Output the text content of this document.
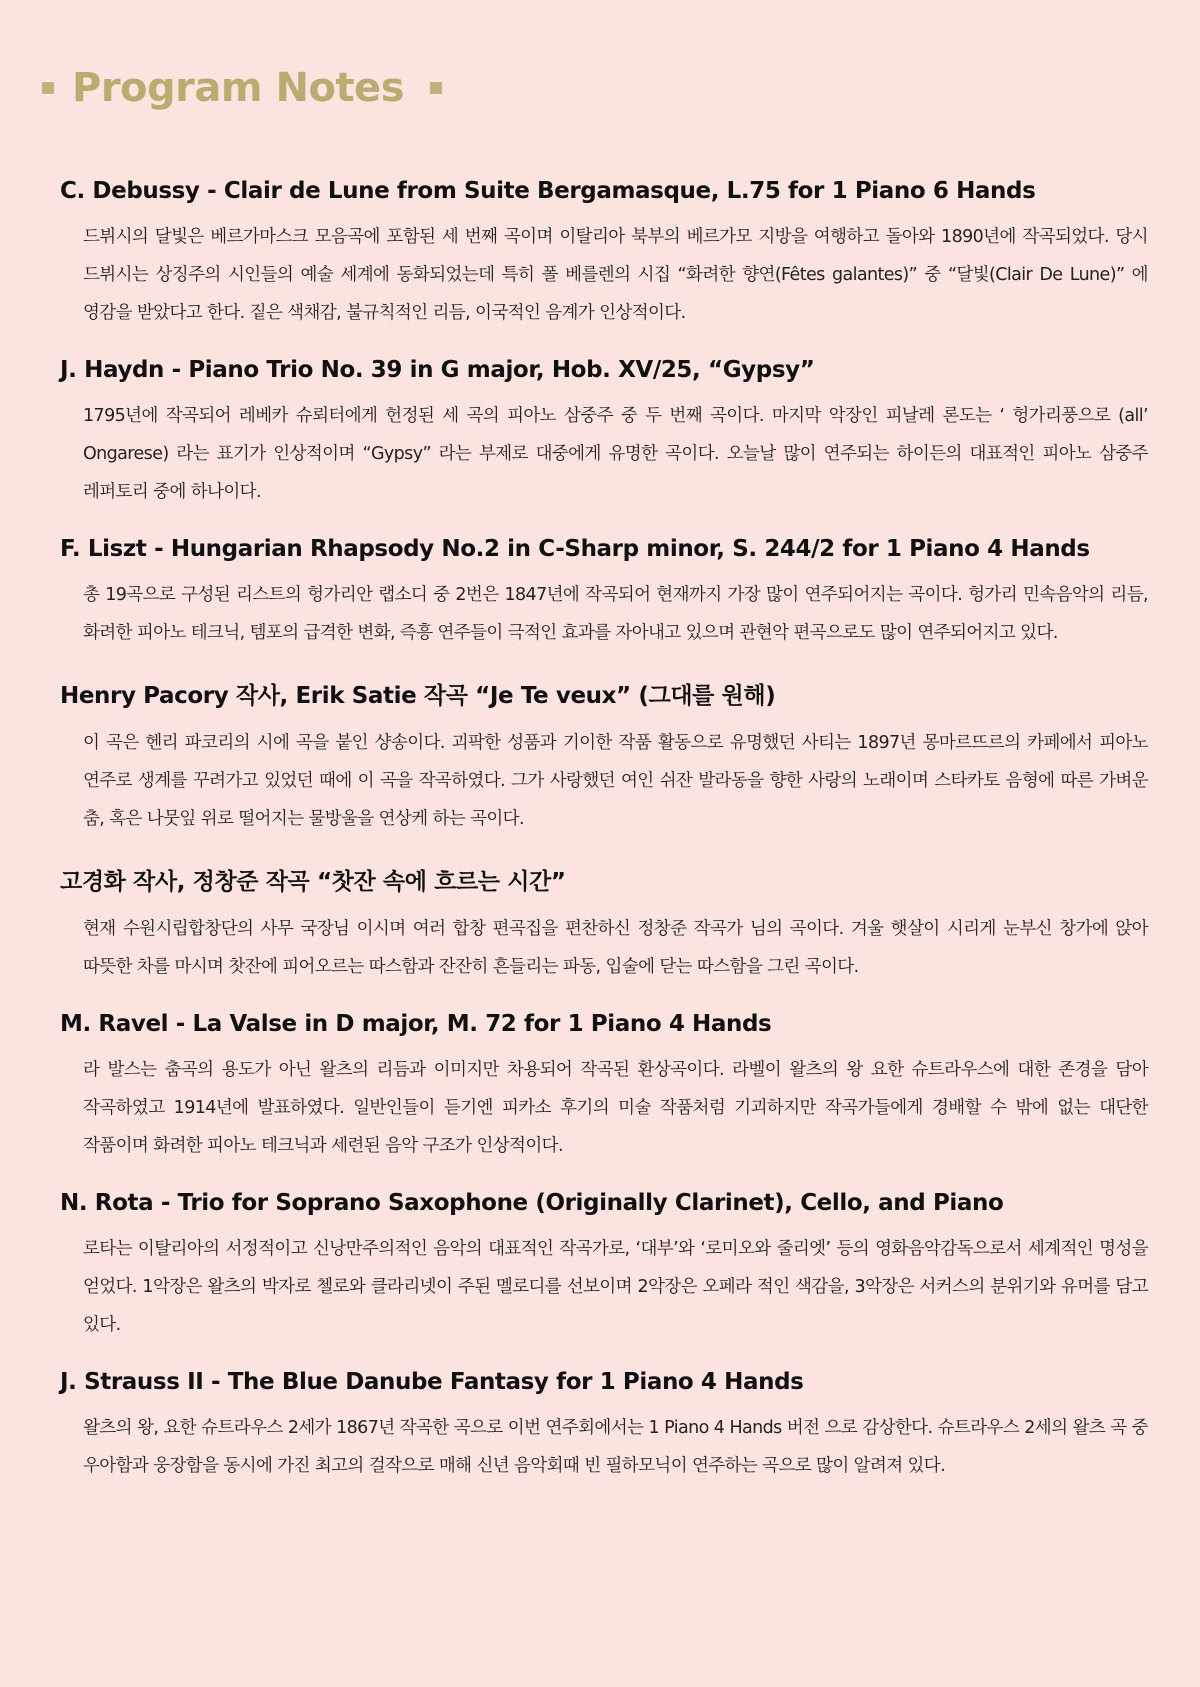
Program Notes
C. Debussy - Clair de Lune from Suite Bergamasque, L.75 for 1 Piano 6 Hands

드뷔시의 달빛은 베르가마스크 모음곡에 포함된 세 번째 곡이며 이탈리아 북부의 베르가모 지방을 여행하고 돌아와 1890년에 작곡되었다. 당시 드뷔시는 상징주의 시인들의 예술 세계에 동화되었는데 특히 폴 베를렌의 시집 “화려한 향연(Fêtes galantes)” 중 “달빛(Clair De Lune)” 에 영감을 받았다고 한다. 짙은 색채감, 불규칙적인 리듬, 이국적인 음계가 인상적이다.

J. Haydn - Piano Trio No. 39 in G major, Hob. XV/25, “Gypsy”

1795년에 작곡되어 레베카 슈뢰터에게 헌정된 세 곡의 피아노 삼중주 중 두 번째 곡이다. 마지막 악장인 피날레 론도는 ‘ 헝가리풍으로 (all’ Ongarese) 라는 표기가 인상적이며 “Gypsy” 라는 부제로 대중에게 유명한 곡이다. 오늘날 많이 연주되는 하이든의 대표적인 피아노 삼중주 레퍼토리 중에 하나이다.

F. Liszt - Hungarian Rhapsody No.2 in C-Sharp minor, S. 244/2 for 1 Piano 4 Hands

총 19곡으로 구성된 리스트의 헝가리안 랩소디 중 2번은 1847년에 작곡되어 현재까지 가장 많이 연주되어지는 곡이다. 헝가리 민속음악의 리듬, 화려한 피아노 테크닉, 템포의 급격한 변화, 즉흥 연주들이 극적인 효과를 자아내고 있으며 관현악 편곡으로도 많이 연주되어지고 있다.

Henry Pacory 작사, Erik Satie 작곡 “Je Te veux” (그대를 원해)

이 곡은 헨리 파코리의 시에 곡을 붙인 샹송이다. 괴팍한 성품과 기이한 작품 활동으로 유명했던 사티는 1897년 몽마르뜨르의 카페에서 피아노 연주로 생계를 꾸려가고 있었던 때에 이 곡을 작곡하였다. 그가 사랑했던 여인 쉬잔 발라동을 향한 사랑의 노래이며 스타카토 음형에 따른 가벼운 춤, 혹은 나뭇잎 위로 떨어지는 물방울을 연상케 하는 곡이다.

고경화 작사, 정창준 작곡 “찻잔 속에 흐르는 시간”

현재 수원시립합창단의 사무 국장님 이시며 여러 합창 편곡집을 편찬하신 정창준 작곡가 님의 곡이다. 겨울 햇살이 시리게 눈부신 창가에 앉아 따뜻한 차를 마시며 찻잔에 피어오르는 따스함과 잔잔히 흔들리는 파동, 입술에 닫는 따스함을 그린 곡이다.

M. Ravel - La Valse in D major, M. 72 for 1 Piano 4 Hands

라 발스는 춤곡의 용도가 아닌 왈츠의 리듬과 이미지만 차용되어 작곡된 환상곡이다. 라벨이 왈츠의 왕 요한 슈트라우스에 대한 존경을 담아 작곡하였고 1914년에 발표하였다. 일반인들이 듣기엔 피카소 후기의 미술 작품처럼 기괴하지만 작곡가들에게 경배할 수 밖에 없는 대단한 작품이며 화려한 피아노 테크닉과 세련된 음악 구조가 인상적이다.

N. Rota - Trio for Soprano Saxophone (Originally Clarinet), Cello, and Piano

로타는 이탈리아의 서정적이고 신낭만주의적인 음악의 대표적인 작곡가로, ‘대부’와 ‘로미오와 줄리엣’ 등의 영화음악감독으로서 세계적인 명성을 얻었다. 1악장은 왈츠의 박자로 첼로와 클라리넷이 주된 멜로디를 선보이며 2악장은 오페라 적인 색감을, 3악장은 서커스의 분위기와 유머를 담고 있다.

J. Strauss II - The Blue Danube Fantasy for 1 Piano 4 Hands

왈츠의 왕, 요한 슈트라우스 2세가 1867년 작곡한 곡으로 이번 연주회에서는 1 Piano 4 Hands 버전 으로 감상한다. 슈트라우스 2세의 왈츠 곡 중 우아함과 웅장함을 동시에 가진 최고의 걸작으로 매해 신년 음악회때 빈 필하모닉이 연주하는 곡으로 많이 알려져 있다.
